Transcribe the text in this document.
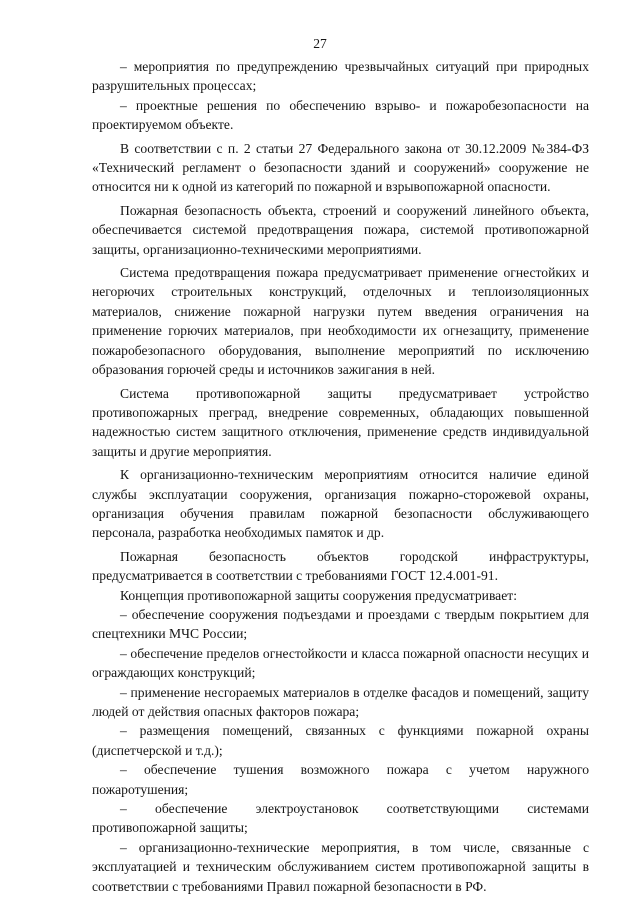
27

– мероприятия по предупреждению чрезвычайных ситуаций при природных разрушительных процессах;

– проектные решения по обеспечению взрыво- и пожаробезопасности на проектируемом объекте.

В соответствии с п. 2 статьи 27 Федерального закона от 30.12.2009 №384-ФЗ «Технический регламент о безопасности зданий и сооружений» сооружение не относится ни к одной из категорий по пожарной и взрывопожарной опасности.

Пожарная безопасность объекта, строений и сооружений линейного объекта, обеспечивается системой предотвращения пожара, системой противопожарной защиты, организационно-техническими мероприятиями.

Система предотвращения пожара предусматривает применение огнестойких и негорючих строительных конструкций, отделочных и теплоизоляционных материалов, снижение пожарной нагрузки путем введения ограничения на применение горючих материалов, при необходимости их огнезащиту, применение пожаробезопасного оборудования, выполнение мероприятий по исключению образования горючей среды и источников зажигания в ней.

Система противопожарной защиты предусматривает устройство противопожарных преград, внедрение современных, обладающих повышенной надежностью систем защитного отключения, применение средств индивидуальной защиты и другие мероприятия.

К организационно-техническим мероприятиям относится наличие единой службы эксплуатации сооружения, организация пожарно-сторожевой охраны, организация обучения правилам пожарной безопасности обслуживающего персонала, разработка необходимых памяток и др.

Пожарная безопасность объектов городской инфраструктуры, предусматривается в соответствии с требованиями ГОСТ 12.4.001-91.

Концепция противопожарной защиты сооружения предусматривает:

– обеспечение сооружения подъездами и проездами с твердым покрытием для спецтехники МЧС России;

– обеспечение пределов огнестойкости и класса пожарной опасности несущих и ограждающих конструкций;

– применение несгораемых материалов в отделке фасадов и помещений, защиту людей от действия опасных факторов пожара;

– размещения помещений, связанных с функциями пожарной охраны (диспетчерской и т.д.);

– обеспечение тушения возможного пожара с учетом наружного пожаротушения;

– обеспечение электроустановок соответствующими системами противопожарной защиты;

– организационно-технические мероприятия, в том числе, связанные с эксплуатацией и техническим обслуживанием систем противопожарной защиты в соответствии с требованиями Правил пожарной безопасности в РФ.
